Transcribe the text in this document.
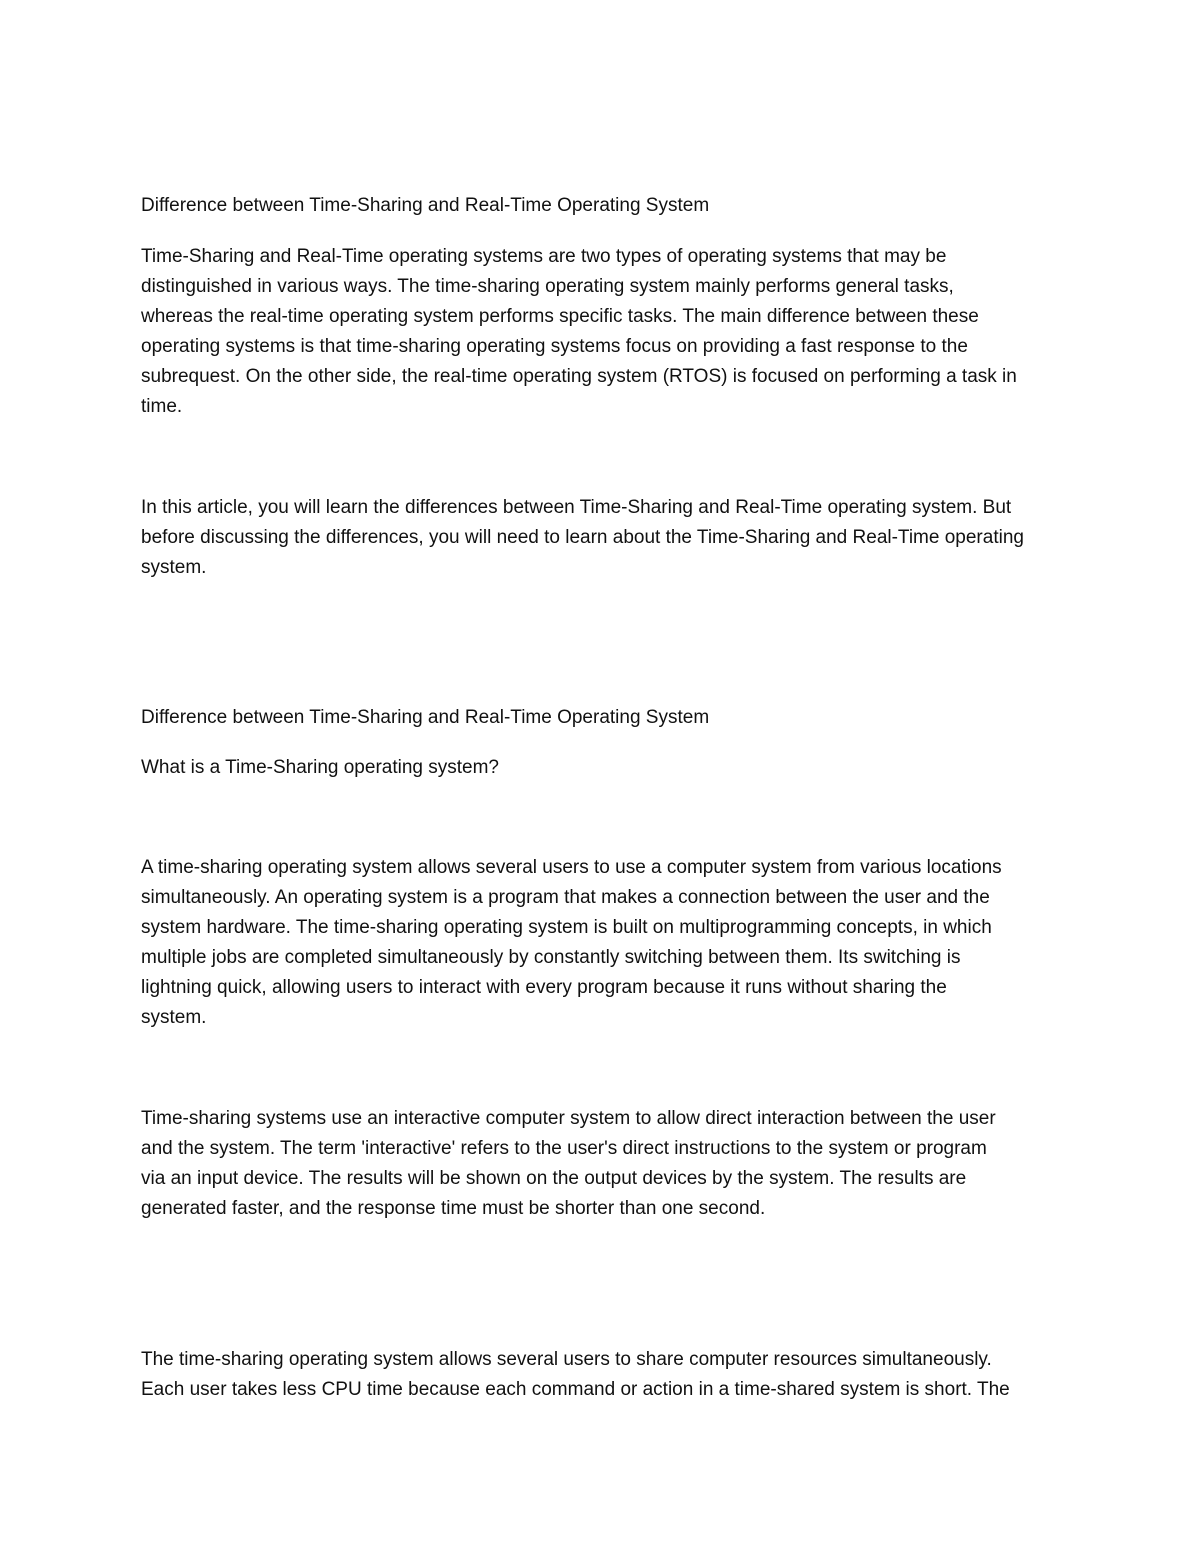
Difference between Time-Sharing and Real-Time Operating System

Time-Sharing and Real-Time operating systems are two types of operating systems that may be
distinguished in various ways. The time-sharing operating system mainly performs general tasks,
whereas the real-time operating system performs specific tasks. The main difference between these
operating systems is that time-sharing operating systems focus on providing a fast response to the
subrequest. On the other side, the real-time operating system (RTOS) is focused on performing a task in
time.

In this article, you will learn the differences between Time-Sharing and Real-Time operating system. But
before discussing the differences, you will need to learn about the Time-Sharing and Real-Time operating
system.

Difference between Time-Sharing and Real-Time Operating System

What is a Time-Sharing operating system?

A time-sharing operating system allows several users to use a computer system from various locations
simultaneously. An operating system is a program that makes a connection between the user and the
system hardware. The time-sharing operating system is built on multiprogramming concepts, in which
multiple jobs are completed simultaneously by constantly switching between them. Its switching is
lightning quick, allowing users to interact with every program because it runs without sharing the
system.

Time-sharing systems use an interactive computer system to allow direct interaction between the user
and the system. The term 'interactive' refers to the user's direct instructions to the system or program
via an input device. The results will be shown on the output devices by the system. The results are
generated faster, and the response time must be shorter than one second.

The time-sharing operating system allows several users to share computer resources simultaneously.
Each user takes less CPU time because each command or action in a time-shared system is short. The
